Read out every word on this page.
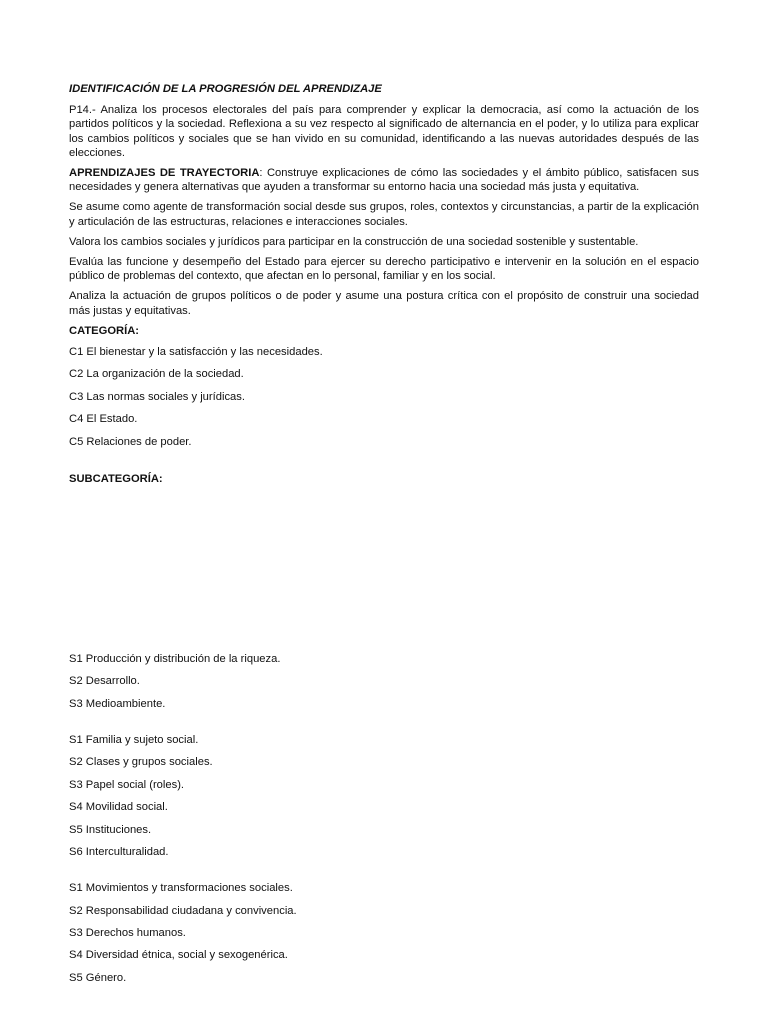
IDENTIFICACIÓN DE LA PROGRESIÓN DEL APRENDIZAJE

P14.- Analiza los procesos electorales del país para comprender y explicar la democracia, así como la actuación de los partidos políticos y la sociedad. Reflexiona a su vez respecto al significado de alternancia en el poder, y lo utiliza para explicar los cambios políticos y sociales que se han vivido en su comunidad, identificando a las nuevas autoridades después de las elecciones.

APRENDIZAJES DE TRAYECTORIA: Construye explicaciones de cómo las sociedades y el ámbito público, satisfacen sus necesidades y genera alternativas que ayuden a transformar su entorno hacia una sociedad más justa y equitativa.

Se asume como agente de transformación social desde sus grupos, roles, contextos y circunstancias, a partir de la explicación y articulación de las estructuras, relaciones e interacciones sociales.

Valora los cambios sociales y jurídicos para participar en la construcción de una sociedad sostenible y sustentable.

Evalúa las funcione y desempeño del Estado para ejercer su derecho participativo e intervenir en la solución en el espacio público de problemas del contexto, que afectan en lo personal, familiar y en los social.

Analiza la actuación de grupos políticos o de poder y asume una postura crítica con el propósito de construir una sociedad más justas y equitativas.

CATEGORÍA:

C1 El bienestar y la satisfacción y las necesidades.
C2 La organización de la sociedad.
C3 Las normas sociales y jurídicas.
C4 El Estado.
C5 Relaciones de poder.

SUBCATEGORÍA:

S1 Producción y distribución de la riqueza.
S2 Desarrollo.
S3 Medioambiente.
S1 Familia y sujeto social.
S2 Clases y grupos sociales.
S3 Papel social (roles).
S4 Movilidad social.
S5 Instituciones.
S6 Interculturalidad.
S1 Movimientos y transformaciones sociales.
S2 Responsabilidad ciudadana y convivencia.
S3 Derechos humanos.
S4 Diversidad étnica, social y sexogenérica.
S5 Género.
